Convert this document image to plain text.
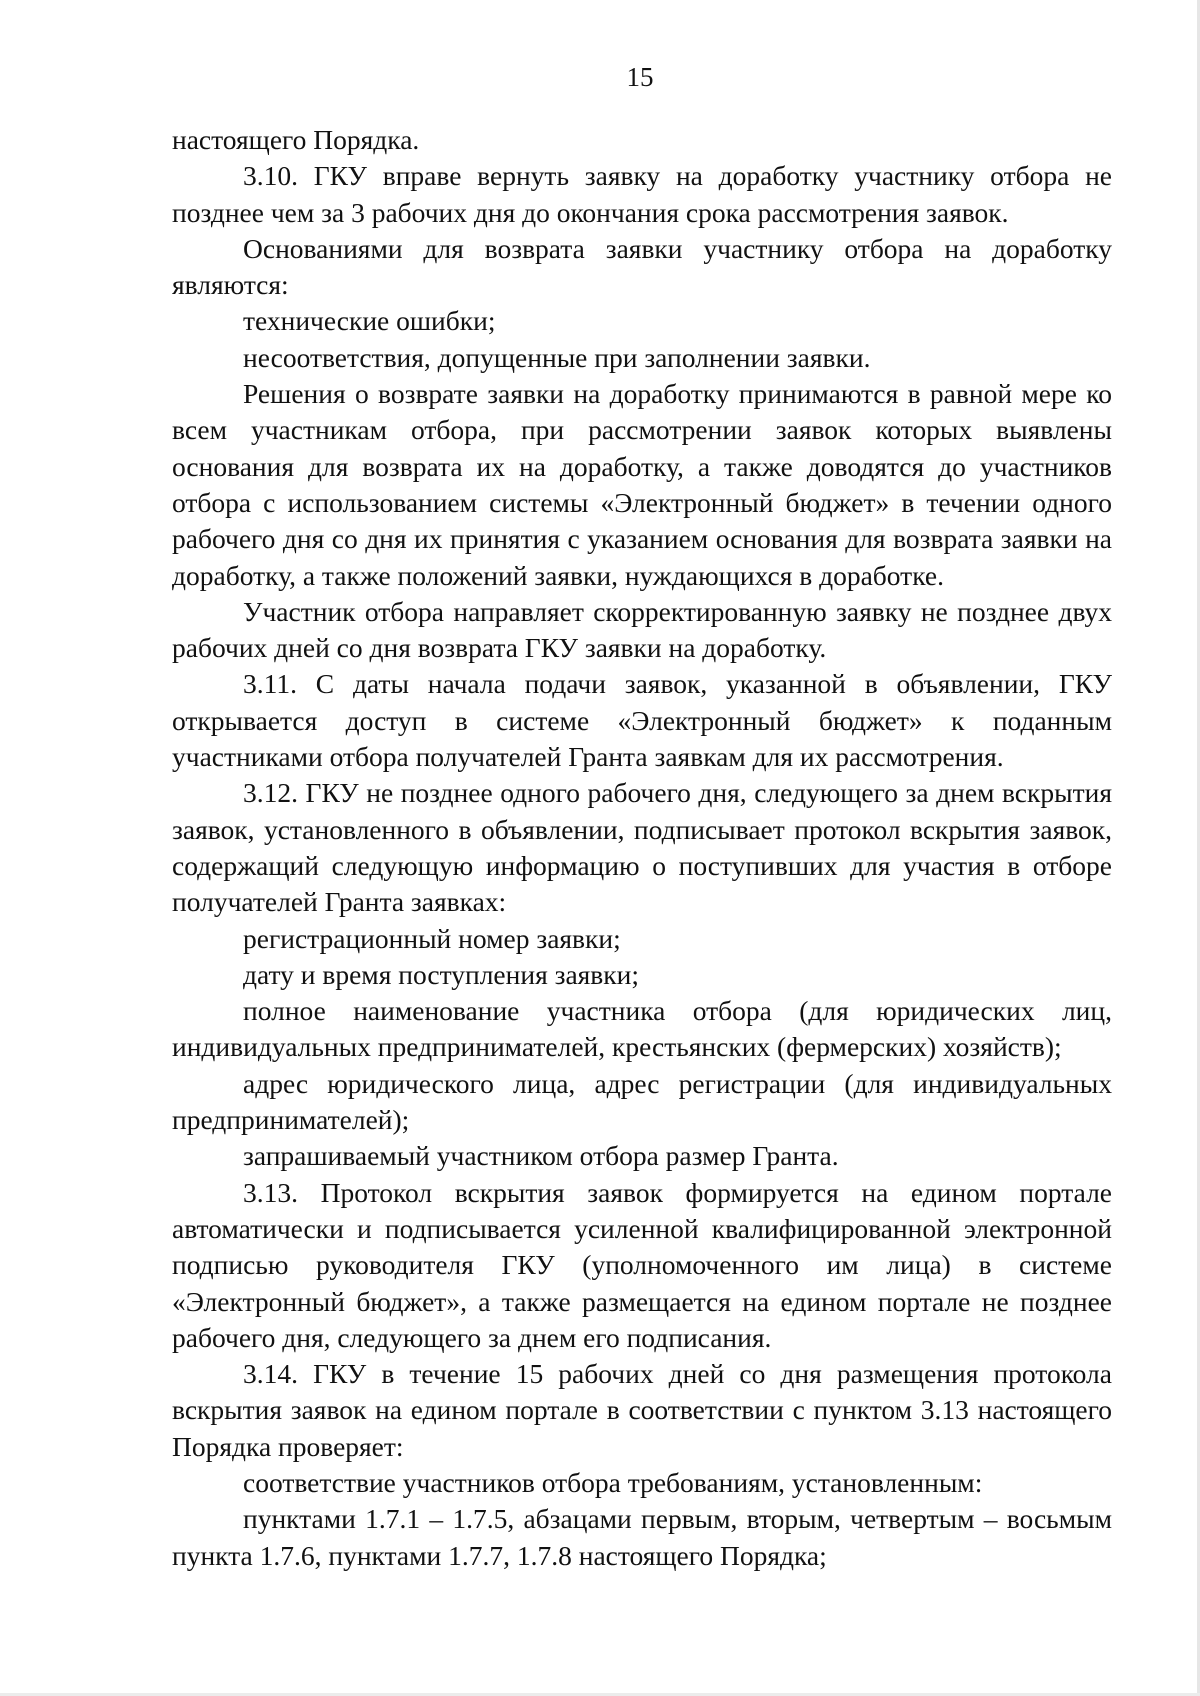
15

настоящего Порядка.

3.10. ГКУ вправе вернуть заявку на доработку участнику отбора не позднее чем за 3 рабочих дня до окончания срока рассмотрения заявок.

Основаниями для возврата заявки участнику отбора на доработку являются:

технические ошибки;

несоответствия, допущенные при заполнении заявки.

Решения о возврате заявки на доработку принимаются в равной мере ко всем участникам отбора, при рассмотрении заявок которых выявлены основания для возврата их на доработку, а также доводятся до участников отбора с использованием системы «Электронный бюджет» в течении одного рабочего дня со дня их принятия с указанием основания для возврата заявки на доработку, а также положений заявки, нуждающихся в доработке.

Участник отбора направляет скорректированную заявку не позднее двух рабочих дней со дня возврата ГКУ заявки на доработку.

3.11. С даты начала подачи заявок, указанной в объявлении, ГКУ открывается доступ в системе «Электронный бюджет» к поданным участниками отбора получателей Гранта заявкам для их рассмотрения.

3.12. ГКУ не позднее одного рабочего дня, следующего за днем вскрытия заявок, установленного в объявлении, подписывает протокол вскрытия заявок, содержащий следующую информацию о поступивших для участия в отборе получателей Гранта заявках:

регистрационный номер заявки;

дату и время поступления заявки;

полное наименование участника отбора (для юридических лиц, индивидуальных предпринимателей, крестьянских (фермерских) хозяйств);

адрес юридического лица, адрес регистрации (для индивидуальных предпринимателей);

запрашиваемый участником отбора размер Гранта.

3.13. Протокол вскрытия заявок формируется на едином портале автоматически и подписывается усиленной квалифицированной электронной подписью руководителя ГКУ (уполномоченного им лица) в системе «Электронный бюджет», а также размещается на едином портале не позднее рабочего дня, следующего за днем его подписания.

3.14. ГКУ в течение 15 рабочих дней со дня размещения протокола вскрытия заявок на едином портале в соответствии с пунктом 3.13 настоящего Порядка проверяет:

соответствие участников отбора требованиям, установленным:

пунктами 1.7.1 – 1.7.5, абзацами первым, вторым, четвертым – восьмым пункта 1.7.6, пунктами 1.7.7, 1.7.8 настоящего Порядка;
